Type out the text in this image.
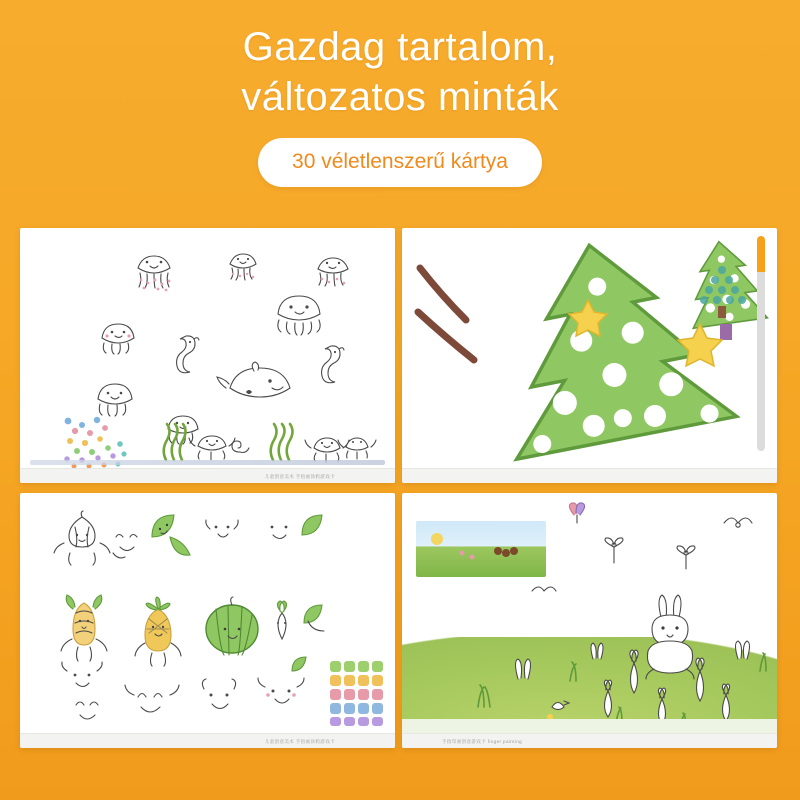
Gazdag tartalom,
változatos minták
30 véletlenszerű kártya
儿童创意美术 手指画涂鸦游戏卡
儿童创意美术 手指画涂鸦游戏卡	手指印画创意游戏卡 finger painting
